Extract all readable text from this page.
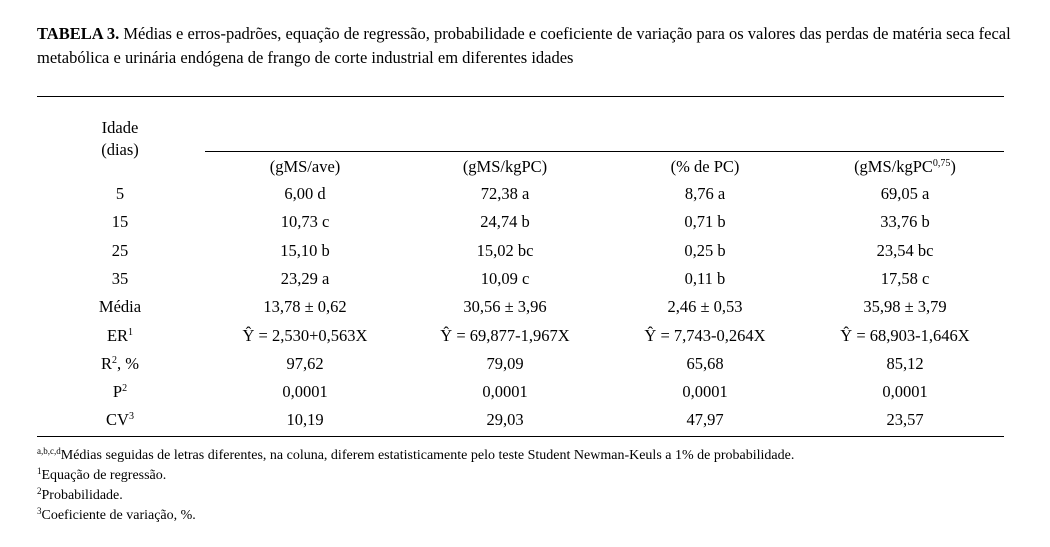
TABELA 3. Médias e erros-padrões, equação de regressão, probabilidade e coeficiente de variação para os valores das perdas de matéria seca fecal metabólica e urinária endógena de frango de corte industrial em diferentes idades

Idade
(dias)
(gMS/ave)	(gMS/kgPC)	(% de PC)	(gMS/kgPC$^{0,75}$)
5	6,00 d	72,38 a	8,76 a	69,05 a
15	10,73 c	24,74 b	0,71 b	33,76 b
25	15,10 b	15,02 bc	0,25 b	23,54 bc
35	23,29 a	10,09 c	0,11 b	17,58 c
Média	13,78 ± 0,62	30,56 ± 3,96	2,46 ± 0,53	35,98 ± 3,79
$ER^1$	Ŷ = 2,530+0,563X	Ŷ = 69,877-1,967X	Ŷ = 7,743-0,264X	Ŷ = 68,903-1,646X
$R^2$, %	97,62	79,09	65,68	85,12
$P^2$	0,0001	0,0001	0,0001	0,0001
$CV^3$	10,19	29,03	47,97	23,57
$^{a,b,c,d}$Médias seguidas de letras diferentes, na coluna, diferem estatisticamente pelo teste Student Newman-Keuls a 1% de probabilidade.
$^1$Equação de regressão.
$^2$Probabilidade.
$^3$Coeficiente de variação, %.
